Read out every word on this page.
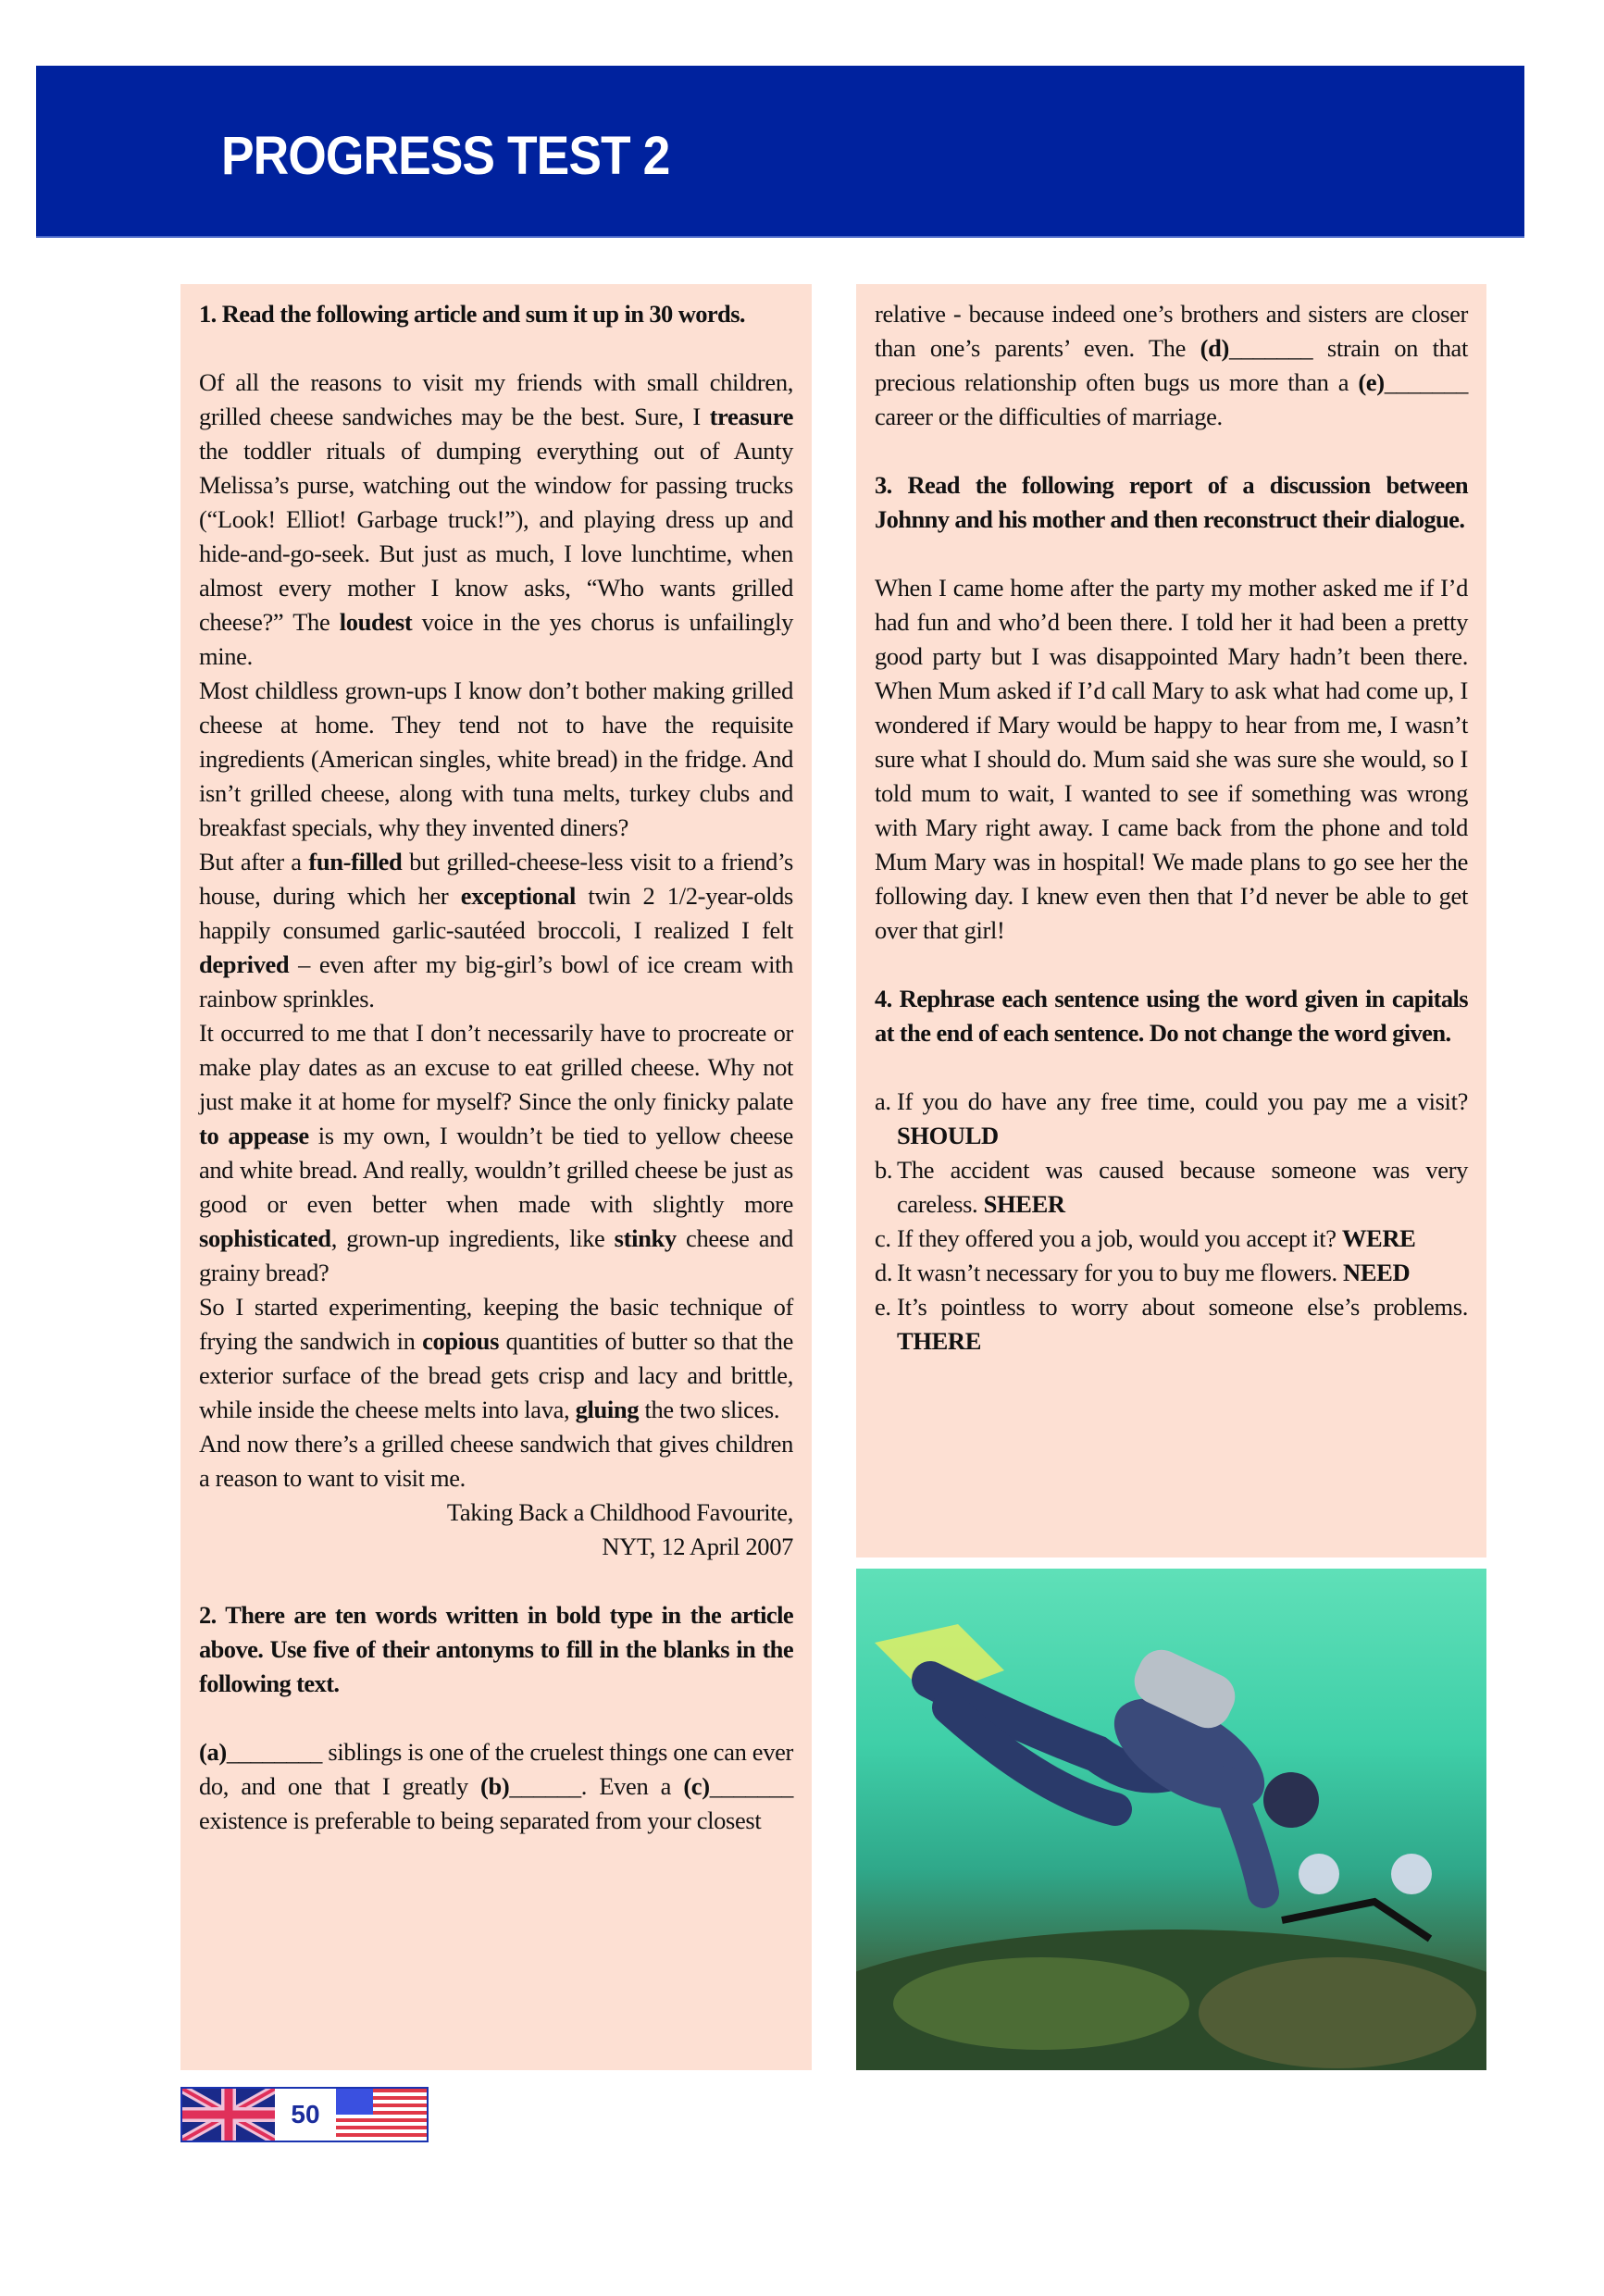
PROGRESS TEST 2

1. Read the following article and sum it up in 30 words.

Of all the reasons to visit my friends with small children, grilled cheese sandwiches may be the best. Sure, I treasure the toddler rituals of dumping everything out of Aunty Melissa’s purse, watching out the window for passing trucks (“Look! Elliot! Garbage truck!”), and playing dress up and hide-and-go-seek. But just as much, I love lunchtime, when almost every mother I know asks, “Who wants grilled cheese?” The loudest voice in the yes chorus is unfailingly mine.

Most childless grown-ups I know don’t bother making grilled cheese at home. They tend not to have the requisite ingredients (American singles, white bread) in the fridge. And isn’t grilled cheese, along with tuna melts, turkey clubs and breakfast specials, why they invented diners?

But after a fun-filled but grilled-cheese-less visit to a friend’s house, during which her exceptional twin 2 1/2-year-olds happily consumed garlic-sautéed broccoli, I realized I felt deprived – even after my big-girl’s bowl of ice cream with rainbow sprinkles.

It occurred to me that I don’t necessarily have to procreate or make play dates as an excuse to eat grilled cheese. Why not just make it at home for myself? Since the only finicky palate to appease is my own, I wouldn’t be tied to yellow cheese and white bread. And really, wouldn’t grilled cheese be just as good or even better when made with slightly more sophisticated, grown-up ingredients, like stinky cheese and grainy bread?

So I started experimenting, keeping the basic technique of frying the sandwich in copious quantities of butter so that the exterior surface of the bread gets crisp and lacy and brittle, while inside the cheese melts into lava, gluing the two slices.

And now there’s a grilled cheese sandwich that gives children a reason to want to visit me.

Taking Back a Childhood Favourite,

NYT, 12 April 2007

2. There are ten words written in bold type in the article above. Use five of their antonyms to fill in the blanks in the following text.

(a)________ siblings is one of the cruelest things one can ever do, and one that I greatly (b)______. Even a (c)_______ existence is preferable to being separated from your closest

relative - because indeed one’s brothers and sisters are closer than one’s parents’ even. The (d)_______ strain on that precious relationship often bugs us more than a (e)_______ career or the difficulties of marriage.

3. Read the following report of a discussion between Johnny and his mother and then reconstruct their dialogue.

When I came home after the party my mother asked me if I’d had fun and who’d been there. I told her it had been a pretty good party but I was disappointed Mary hadn’t been there. When Mum asked if I’d call Mary to ask what had come up, I wondered if Mary would be happy to hear from me, I wasn’t sure what I should do. Mum said she was sure she would, so I told mum to wait, I wanted to see if something was wrong with Mary right away. I came back from the phone and told Mum Mary was in hospital! We made plans to go see her the following day. I knew even then that I’d never be able to get over that girl!

4. Rephrase each sentence using the word given in capitals at the end of each sentence. Do not change the word given.

a. If you do have any free time, could you pay me a visit? SHOULD
b. The accident was caused because someone was very careless. SHEER
c. If they offered you a job, would you accept it? WERE
d. It wasn’t necessary for you to buy me flowers. NEED
e. It’s pointless to worry about someone else’s problems. THERE
50
